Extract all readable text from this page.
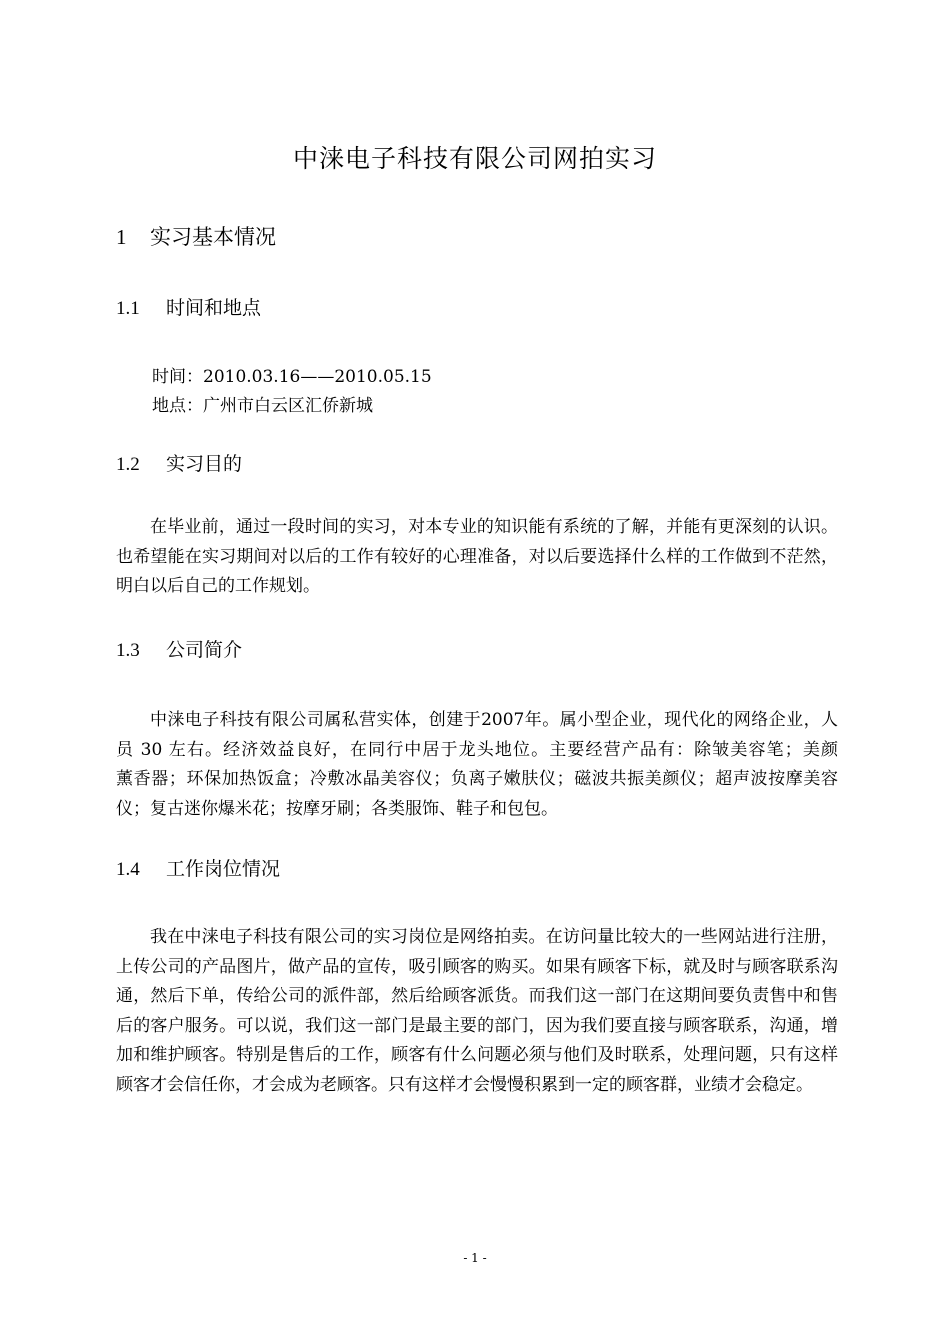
中涞电子科技有限公司网拍实习
1 实习基本情况
1.1 时间和地点
时间：2010.03.16——2010.05.15
地点：广州市白云区汇侨新城
1.2 实习目的
在毕业前，通过一段时间的实习，对本专业的知识能有系统的了解，并能有更深刻的认识。也希望能在实习期间对以后的工作有较好的心理准备，对以后要选择什么样的工作做到不茫然，明白以后自己的工作规划。
1.3 公司简介
中涞电子科技有限公司属私营实体，创建于2007年。属小型企业，现代化的网络企业，人员 30 左右。经济效益良好，在同行中居于龙头地位。主要经营产品有：除皱美容笔；美颜　　薰香器；环保加热饭盒；冷敷冰晶美容仪；负离子嫩肤仪；磁波共振美颜仪；超声波按摩美容仪；复古迷你爆米花；按摩牙刷；各类服饰、鞋子和包包。
1.4 工作岗位情况
我在中涞电子科技有限公司的实习岗位是网络拍卖。在访问量比较大的一些网站进行注册，上传公司的产品图片，做产品的宣传，吸引顾客的购买。如果有顾客下标，就及时与顾客联系沟通，然后下单，传给公司的派件部，然后给顾客派货。而我们这一部门在这期间要负责售中和售后的客户服务。可以说，我们这一部门是最主要的部门，因为我们要直接与顾客联系，沟通，增加和维护顾客。特别是售后的工作，顾客有什么问题必须与他们及时联系，处理问题，只有这样顾客才会信任你，才会成为老顾客。只有这样才会慢慢积累到一定的顾客群，业绩才会稳定。
- 1 -
